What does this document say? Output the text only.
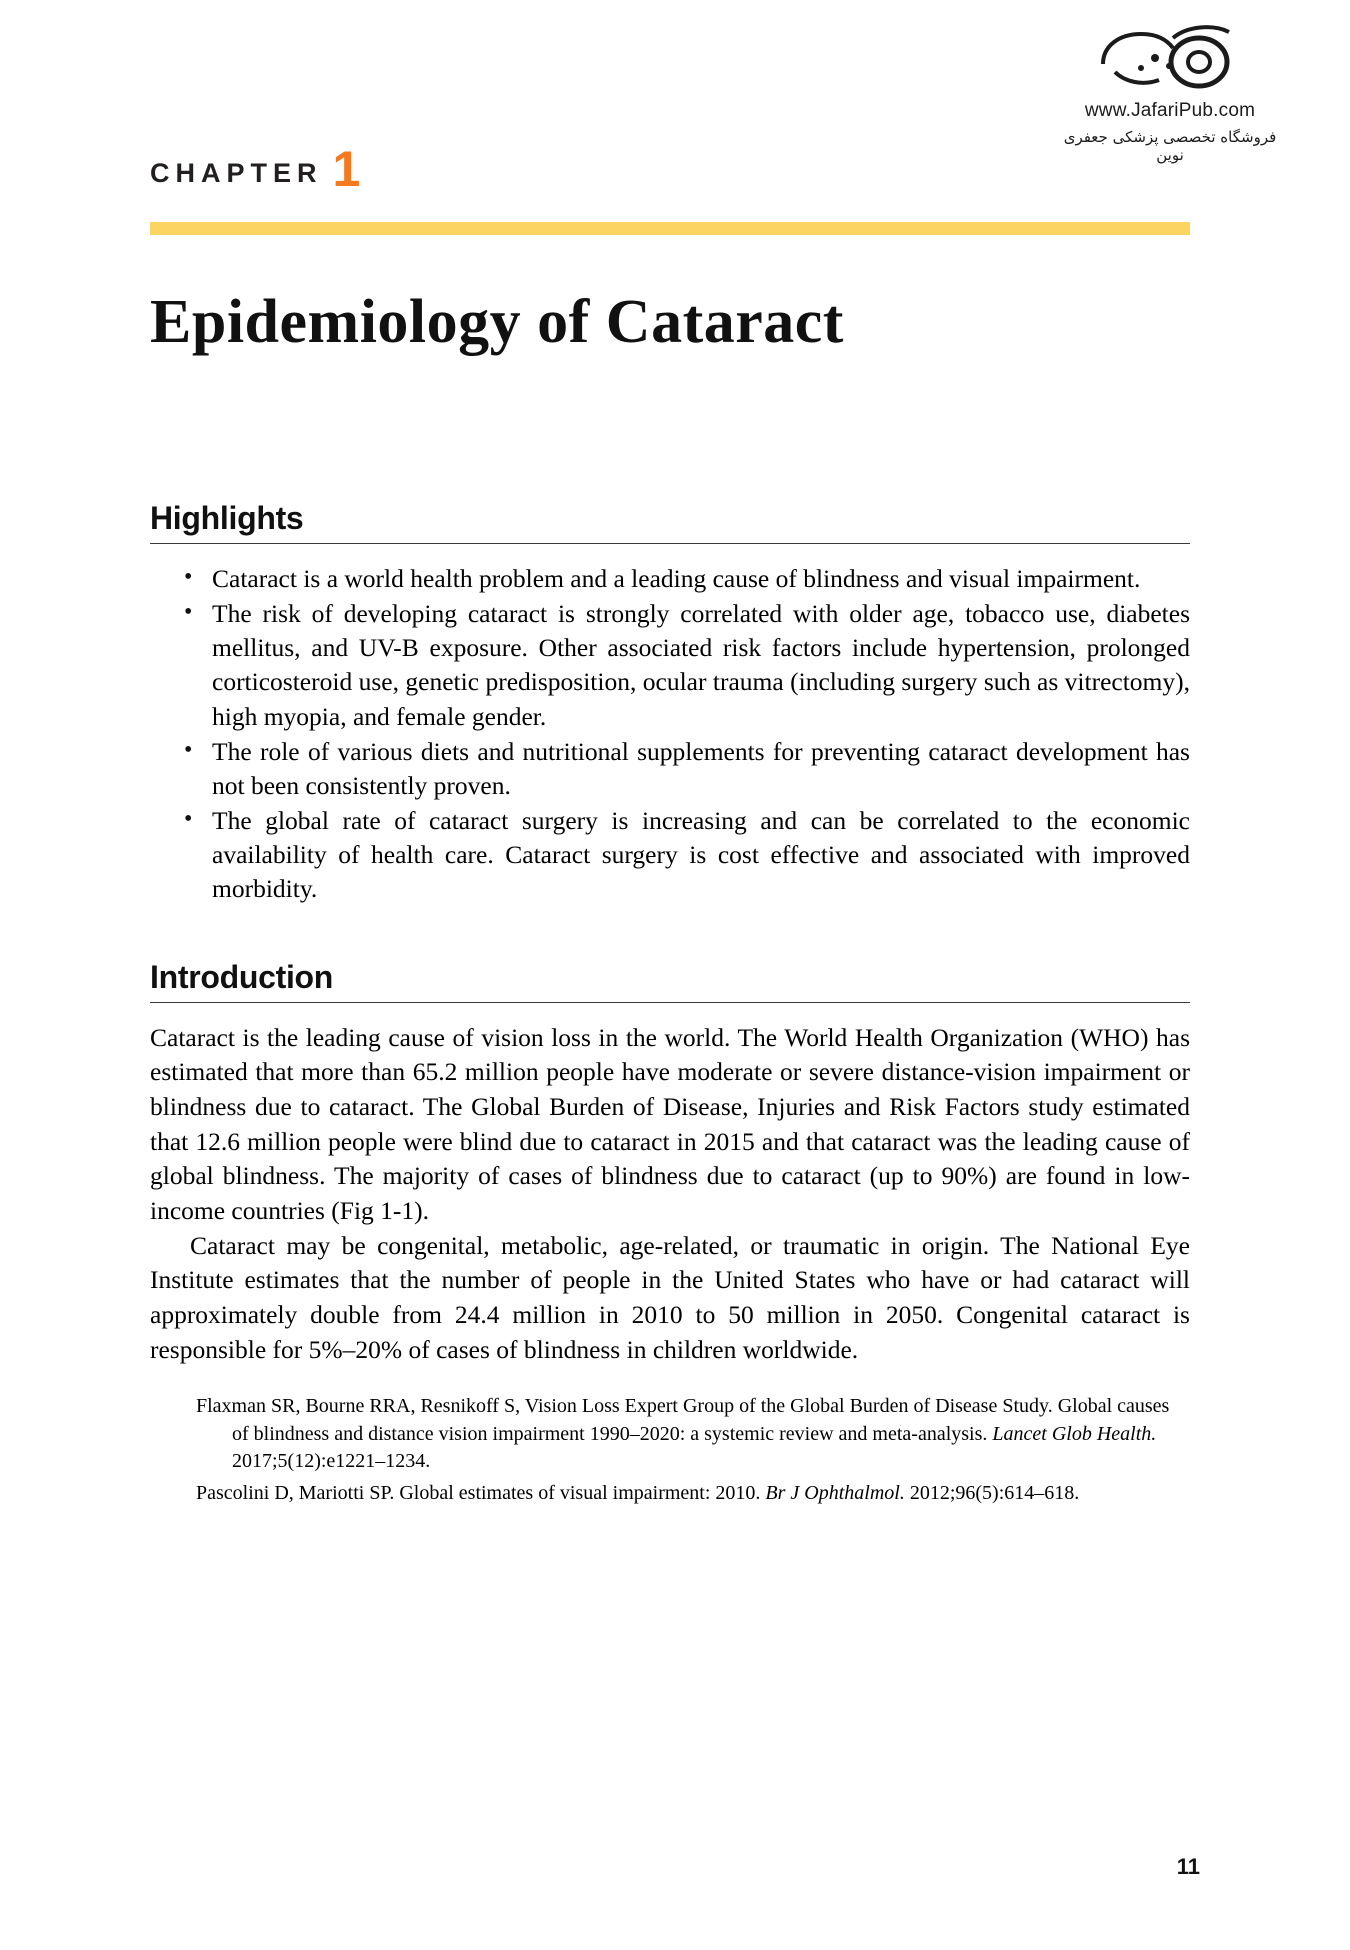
www.JafariPub.com
فروشگاه تخصصی پزشکی جعفری نوین
CHAPTER 1
Epidemiology of Cataract
Highlights
• Cataract is a world health problem and a leading cause of blindness and visual impairment.
• The risk of developing cataract is strongly correlated with older age, tobacco use, diabetes mellitus, and UV-B exposure. Other associated risk factors include hypertension, prolonged corticosteroid use, genetic predisposition, ocular trauma (including surgery such as vitrectomy), high myopia, and female gender.
• The role of various diets and nutritional supplements for preventing cataract development has not been consistently proven.
• The global rate of cataract surgery is increasing and can be correlated to the economic availability of health care. Cataract surgery is cost effective and associated with improved morbidity.
Introduction

Cataract is the leading cause of vision loss in the world. The World Health Organization (WHO) has estimated that more than 65.2 million people have moderate or severe distance-vision impairment or blindness due to cataract. The Global Burden of Disease, Injuries and Risk Factors study estimated that 12.6 million people were blind due to cataract in 2015 and that cataract was the leading cause of global blindness. The majority of cases of blindness due to cataract (up to 90%) are found in low-income countries (Fig 1-1).

Cataract may be congenital, metabolic, age-related, or traumatic in origin. The National Eye Institute estimates that the number of people in the United States who have or had cataract will approximately double from 24.4 million in 2010 to 50 million in 2050. Congenital cataract is responsible for 5%–20% of cases of blindness in children worldwide.

Flaxman SR, Bourne RRA, Resnikoff S, Vision Loss Expert Group of the Global Burden of Disease Study. Global causes of blindness and distance vision impairment 1990–2020: a systemic review and meta-analysis. Lancet Glob Health. 2017;5(12):e1221–1234.
Pascolini D, Mariotti SP. Global estimates of visual impairment: 2010. Br J Ophthalmol. 2012;96(5):614–618.
11
